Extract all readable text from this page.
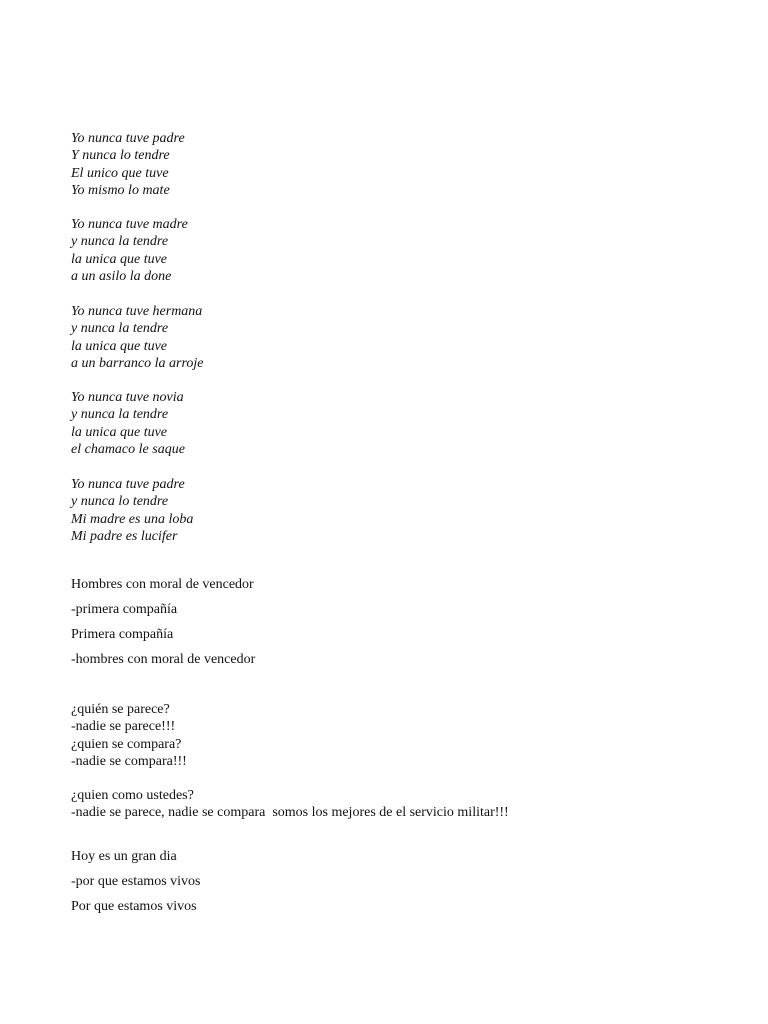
Yo nunca tuve padre
Y nunca lo tendre
El unico que tuve
Yo mismo lo mate
Yo nunca tuve madre
y nunca la tendre
la unica que tuve
a un asilo la done
Yo nunca tuve hermana
y nunca la tendre
la unica que tuve
a un barranco la arroje
Yo nunca tuve novia
y nunca la tendre
la unica que tuve
el chamaco le saque
Yo nunca tuve padre
y nunca lo tendre
Mi madre es una loba
Mi padre es lucifer
Hombres con moral de vencedor
-primera compañía
Primera compañía
-hombres con moral de vencedor
¿quién se parece?
-nadie se parece!!!
¿quien se compara?
-nadie se compara!!!
¿quien como ustedes?
-nadie se parece, nadie se compara  somos los mejores de el servicio militar!!!
Hoy es un gran dia
-por que estamos vivos
Por que estamos vivos
